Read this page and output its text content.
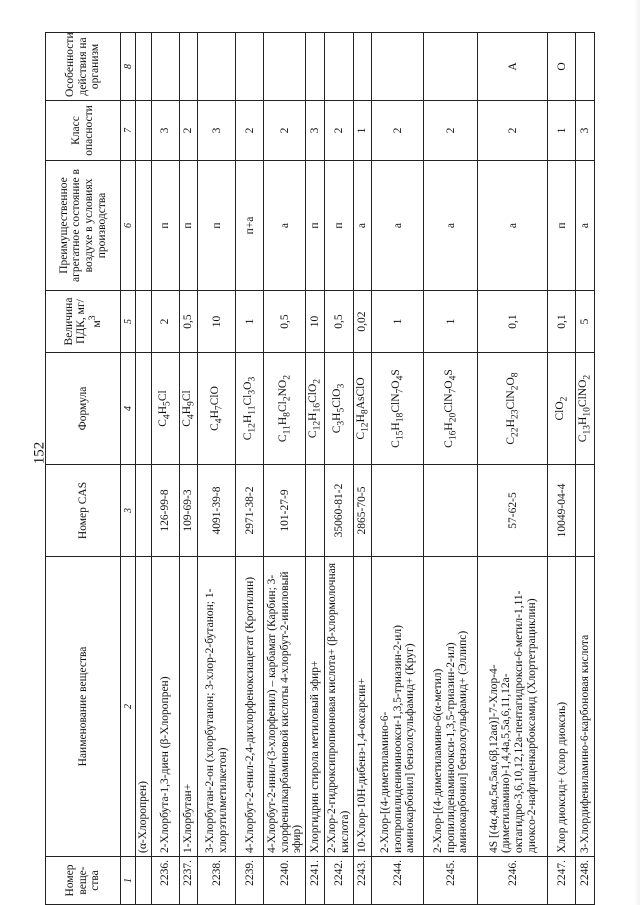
152
Номер веще-ства	Наименование вещества	Номер CAS	Формула	Величина ПДК, $мг/м^3$	Преимущественное агрегатное состояние в воздухе в условиях производства	Класс опасности	Особенности действия на организм
1	2	3	4	5	6	7	8
	(α-Хлоропрен)						
2236.	2-Хлорбута-1,3-диен (β-Хлоропрен)	126-99-8	$C_4H_5Cl$	2	п	3	
2237.	1-Хлорбутан+	109-69-3	$C_4H_9Cl$	0,5	п	2	
2238.	3-Хлорбутан-2-он (хлорбутанон; 3-хлор-2-бутанон; 1-хлорэтилметилкетон)	4091-39-8	$C_4H_7ClO$	10	п	3	
2239.	4-Хлорбут-2-енил-2,4-дихлорфеноксиацетат (Кротилин)	2971-38-2	$C_{12}H_{11}Cl_3O_3$	1	п+а	2	
2240.	4-Хлорбут-2-инил-(3-хлорфенил) – карбамат (Карбин; 3-хлорфенилкарбаминовой кислоты 4-хлорбут-2-иниловый эфир)	101-27-9	$C_{11}H_8Cl_2NO_2$	0,5	а	2	
2241.	Хлоргидрин стирола метиловый эфир+		$C_{12}H_{16}ClO_2$	10	п	3	
2242.	2-Хлор-2-гидроксипропионовая кислота+ (β-хлормолочная кислота)	35060-81-2	$C_3H_5ClO_3$	0,5	п	2	
2243.	10-Хлор-10Н-дибенз-1,4-оксарсин+	2865-70-5	$C_{12}H_8AsClO$	0,02	а	1	
2244.	2-Хлор-[(4-диметиламино-6-изопропилидениминоокси-1,3,5-триазин-2-ил) аминокарбонил] бензолсульфамид+ (Круг)		$C_{15}H_{18}ClN_7O_4S$	1	а	2	
2245.	2-Хлор-[(4-диметиламино-6(α-метил) пропилиденаминоокси-1,3,5-триазин-2-ил) аминокарбонил] бензолсульфамид+ (Эллипс)		$C_{16}H_{20}ClN_7O_4S$	1	а	2	
2246.	4S [(4α,4aα,5α,5aα,6β,12aα)]-7-Хлор-4-(диметиламино)-1,4,4a,5,5a,6,11,12a-октагидро-3,6,10,12,12a-пентагидрокси-6-метил-1,11-диоксо-2-нафтаценкарбоксамид (Хлортетрациклин)	57-62-5	$C_{22}H_{23}ClN_2O_8$	0,1	а	2	А
2247.	Хлор диоксид+ (хлор диоксиь)	10049-04-4	ClO$_2$	0,1	п	1	О
2248.	3-Хлордифениламино-6-карбоновая кислота		$C_{13}H_{10}ClNO_2$	5	а	3	
